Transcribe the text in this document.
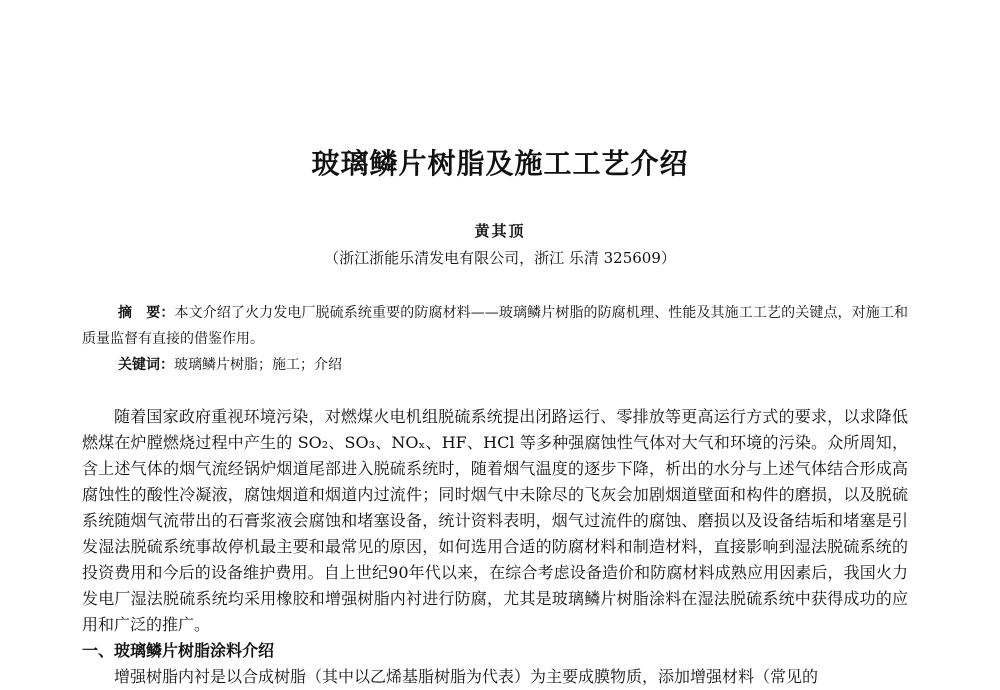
玻璃鳞片树脂及施工工艺介绍
黄其顶
（浙江浙能乐清发电有限公司，浙江 乐清 325609）

摘　要：本文介绍了火力发电厂脱硫系统重要的防腐材料——玻璃鳞片树脂的防腐机理、性能及其施工工艺的关键点，对施工和质量监督有直接的借鉴作用。

关键词：玻璃鳞片树脂；施工；介绍

随着国家政府重视环境污染，对燃煤火电机组脱硫系统提出闭路运行、零排放等更高运行方式的要求，以求降低燃煤在炉膛燃烧过程中产生的 SO₂、SO₃、NOₓ、HF、HCl 等多种强腐蚀性气体对大气和环境的污染。众所周知，含上述气体的烟气流经锅炉烟道尾部进入脱硫系统时，随着烟气温度的逐步下降，析出的水分与上述气体结合形成高腐蚀性的酸性冷凝液，腐蚀烟道和烟道内过流件；同时烟气中未除尽的飞灰会加剧烟道壁面和构件的磨损，以及脱硫系统随烟气流带出的石膏浆液会腐蚀和堵塞设备，统计资料表明，烟气过流件的腐蚀、磨损以及设备结垢和堵塞是引发湿法脱硫系统事故停机最主要和最常见的原因，如何选用合适的防腐材料和制造材料，直接影响到湿法脱硫系统的投资费用和今后的设备维护费用。自上世纪90年代以来，在综合考虑设备造价和防腐材料成熟应用因素后，我国火力发电厂湿法脱硫系统均采用橡胶和增强树脂内衬进行防腐，尤其是玻璃鳞片树脂涂料在湿法脱硫系统中获得成功的应用和广泛的推广。

一、玻璃鳞片树脂涂料介绍

增强树脂内衬是以合成树脂（其中以乙烯基脂树脂为代表）为主要成膜物质，添加增强材料（常见的
